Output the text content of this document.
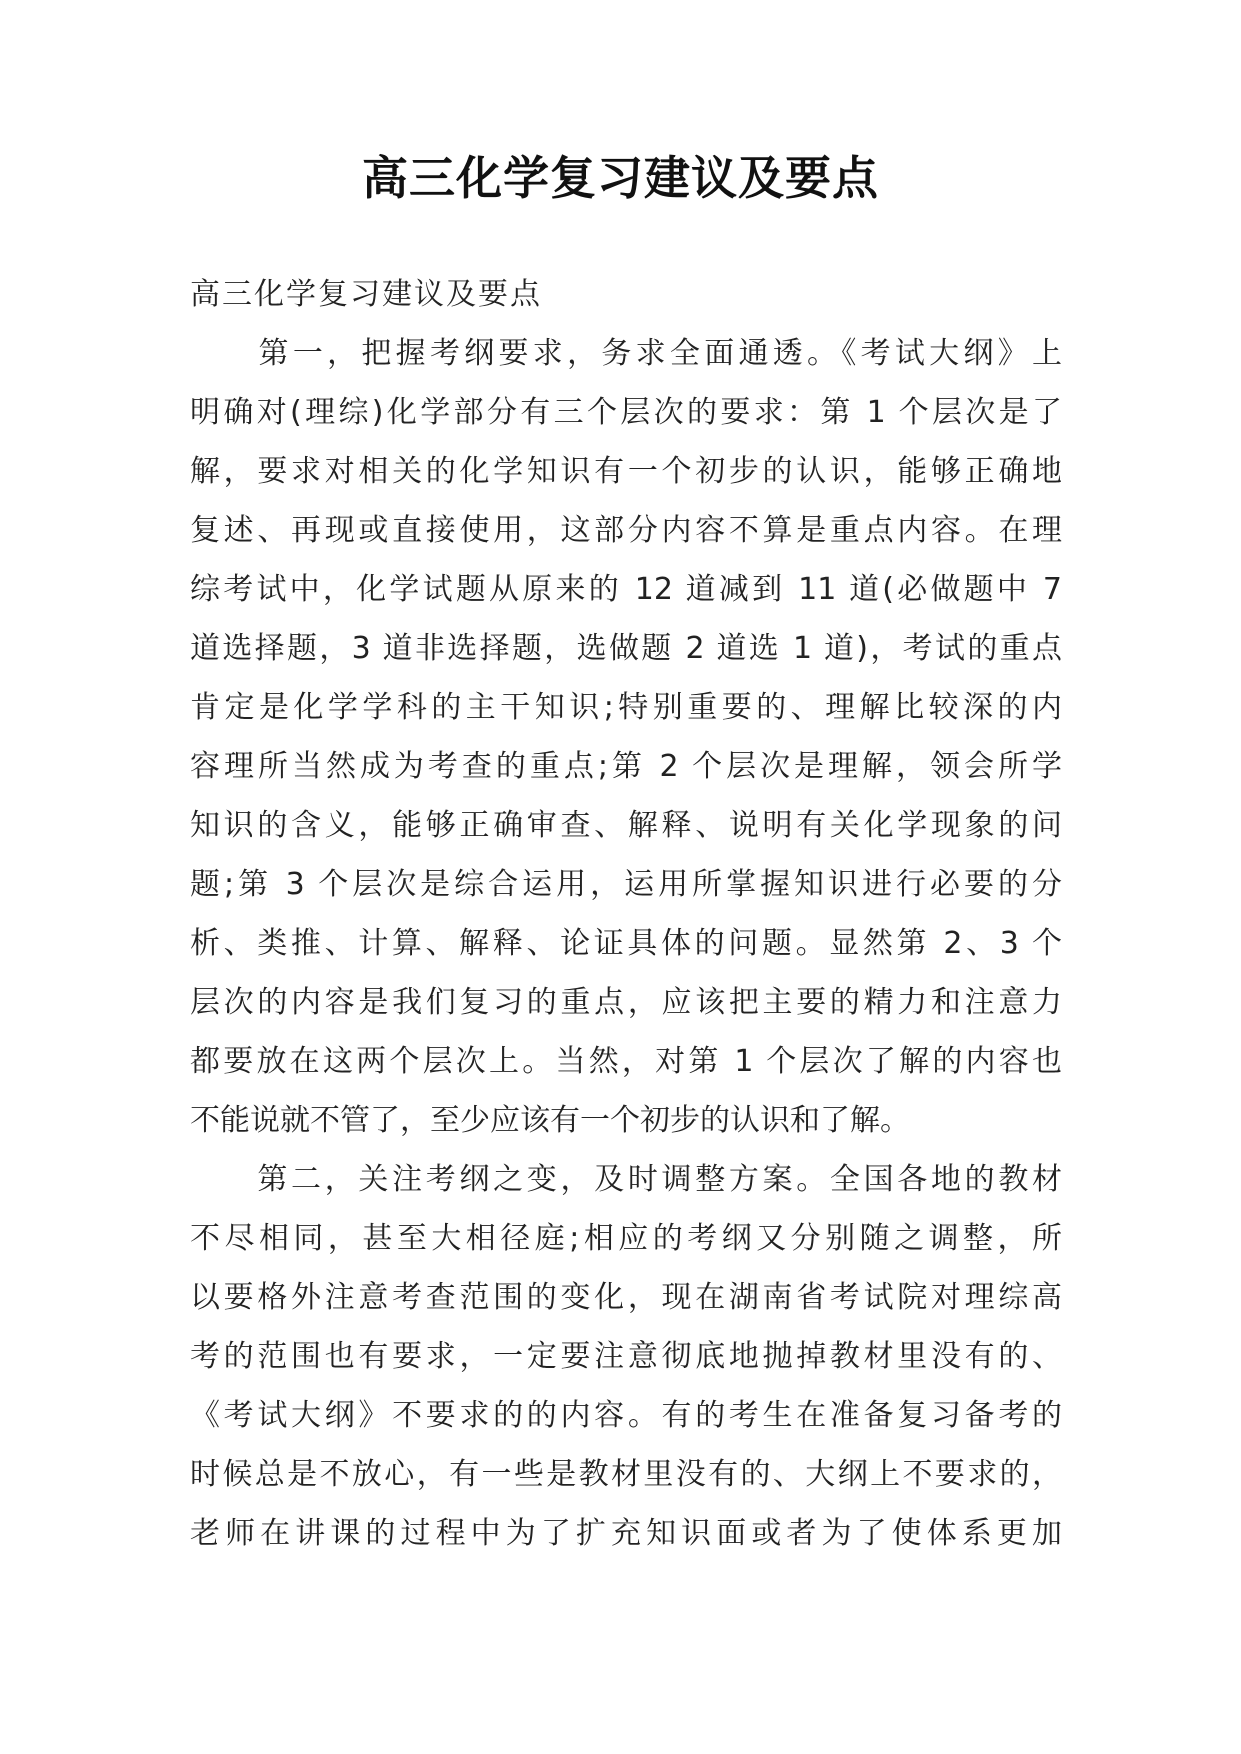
高三化学复习建议及要点
高三化学复习建议及要点
　　第一，把握考纲要求，务求全面通透。《考试大纲》上
明确对(理综)化学部分有三个层次的要求：第 1 个层次是了
解，要求对相关的化学知识有一个初步的认识，能够正确地
复述、再现或直接使用，这部分内容不算是重点内容。在理
综考试中，化学试题从原来的 12 道减到 11 道(必做题中 7
道选择题，3 道非选择题，选做题 2 道选 1 道)，考试的重点
肯定是化学学科的主干知识;特别重要的、理解比较深的内
容理所当然成为考查的重点;第 2 个层次是理解，领会所学
知识的含义，能够正确审查、解释、说明有关化学现象的问
题;第 3 个层次是综合运用，运用所掌握知识进行必要的分
析、类推、计算、解释、论证具体的问题。显然第 2、3 个
层次的内容是我们复习的重点，应该把主要的精力和注意力
都要放在这两个层次上。当然，对第 1 个层次了解的内容也
不能说就不管了，至少应该有一个初步的认识和了解。
　　第二，关注考纲之变，及时调整方案。全国各地的教材
不尽相同，甚至大相径庭;相应的考纲又分别随之调整，所
以要格外注意考查范围的变化，现在湖南省考试院对理综高
考的范围也有要求，一定要注意彻底地抛掉教材里没有的、
《考试大纲》不要求的的内容。有的考生在准备复习备考的
时候总是不放心，有一些是教材里没有的、大纲上不要求的，
老师在讲课的过程中为了扩充知识面或者为了使体系更加
